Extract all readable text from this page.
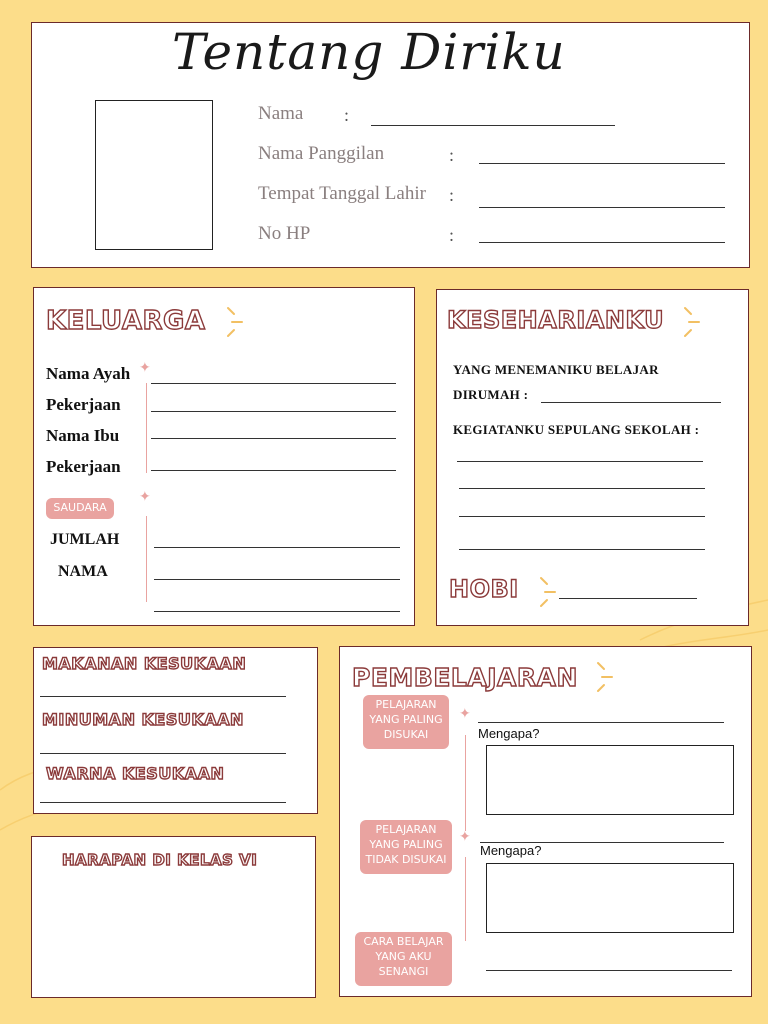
Tentang Diriku
Nama :
Nama Panggilan	:
Tempat Tanggal Lahir :
No HP	:
KELUARGA
Nama Ayah
Pekerjaan
Nama Ibu
Pekerjaan
✦
SAUDARA
✦
JUMLAH
NAMA
KESEHARIANKU
YANG MENEMANIKU BELAJAR
DIRUMAH :
KEGIATANKU SEPULANG SEKOLAH :
HOBI
MAKANAN KESUKAAN
MINUMAN KESUKAAN
WARNA KESUKAAN
HARAPAN DI KELAS VI
PEMBELAJARAN
PELAJARAN YANG PALING DISUKAI
✦
Mengapa?
PELAJARAN YANG PALING TIDAK DISUKAI
✦
Mengapa?
CARA BELAJAR YANG AKU SENANGI
